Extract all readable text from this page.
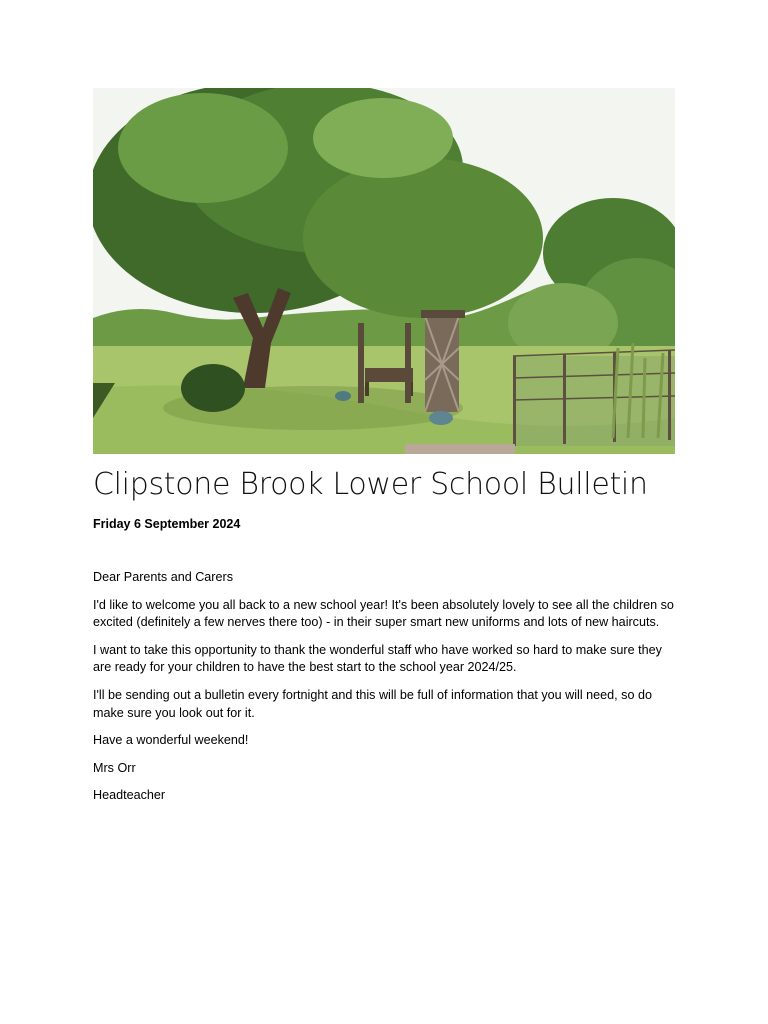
Clipstone Brook Lower School Bulletin

Friday 6 September 2024

Dear Parents and Carers

I'd like to welcome you all back to a new school year! It's been absolutely lovely to see all the children so excited (definitely a few nerves there too) - in their super smart new uniforms and lots of new haircuts.

I want to take this opportunity to thank the wonderful staff who have worked so hard to make sure they are ready for your children to have the best start to the school year 2024/25.

I'll be sending out a bulletin every fortnight and this will be full of information that you will need, so do make sure you look out for it.

Have a wonderful weekend!

Mrs Orr

Headteacher
